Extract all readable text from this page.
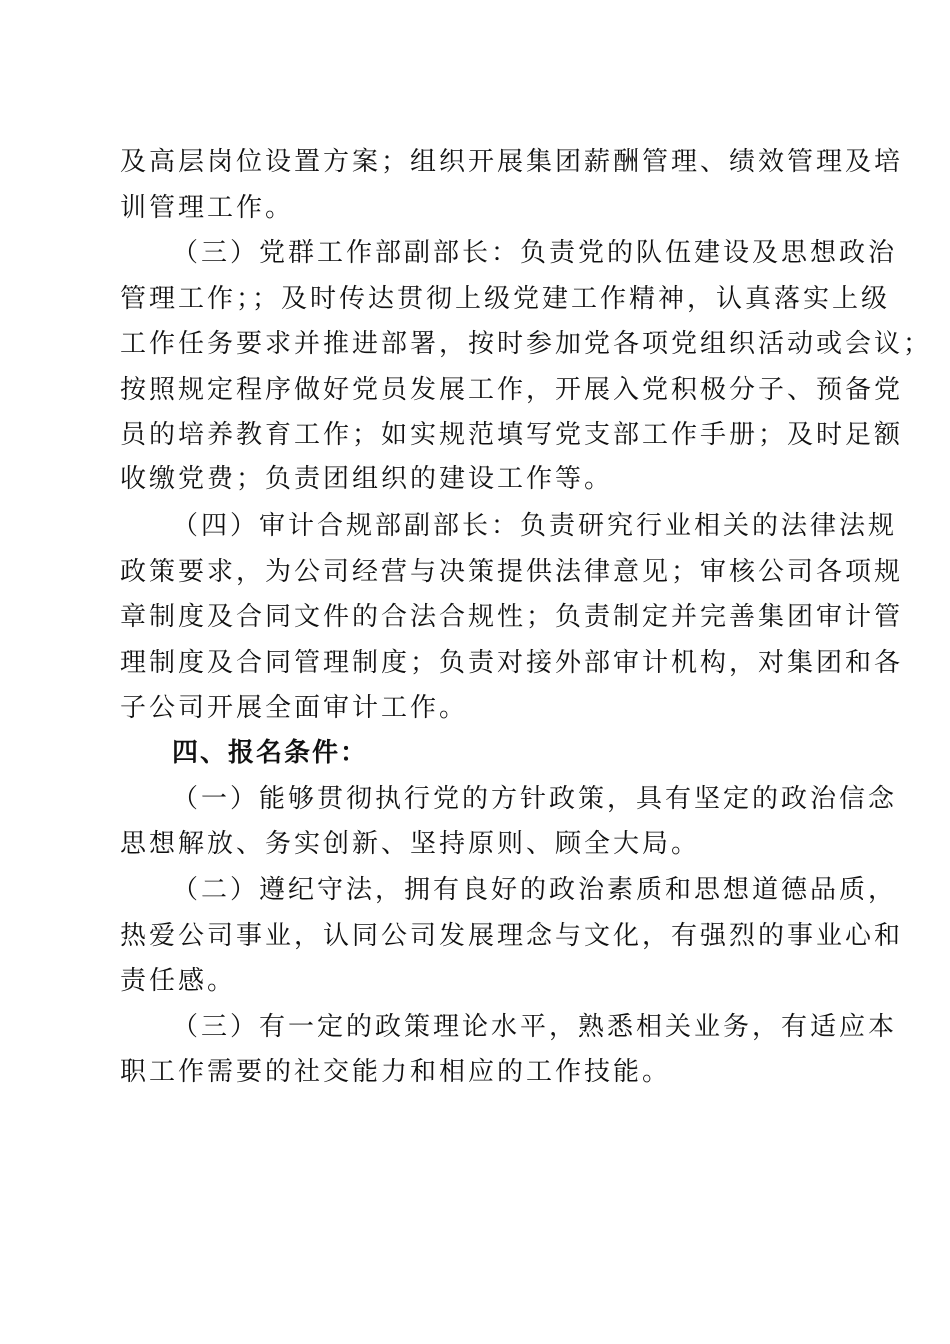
及高层岗位设置方案；组织开展集团薪酬管理、绩效管理及培
训管理工作。
（三）党群工作部副部长：负责党的队伍建设及思想政治
管理工作；；及时传达贯彻上级党建工作精神，认真落实上级
工作任务要求并推进部署，按时参加党各项党组织活动或会议；
按照规定程序做好党员发展工作，开展入党积极分子、预备党
员的培养教育工作；如实规范填写党支部工作手册；及时足额
收缴党费；负责团组织的建设工作等。
（四）审计合规部副部长：负责研究行业相关的法律法规
政策要求，为公司经营与决策提供法律意见；审核公司各项规
章制度及合同文件的合法合规性；负责制定并完善集团审计管
理制度及合同管理制度；负责对接外部审计机构，对集团和各
子公司开展全面审计工作。
四、报名条件：
（一）能够贯彻执行党的方针政策，具有坚定的政治信念
思想解放、务实创新、坚持原则、顾全大局。
（二）遵纪守法，拥有良好的政治素质和思想道德品质，
热爱公司事业，认同公司发展理念与文化，有强烈的事业心和
责任感。
（三）有一定的政策理论水平，熟悉相关业务，有适应本
职工作需要的社交能力和相应的工作技能。
